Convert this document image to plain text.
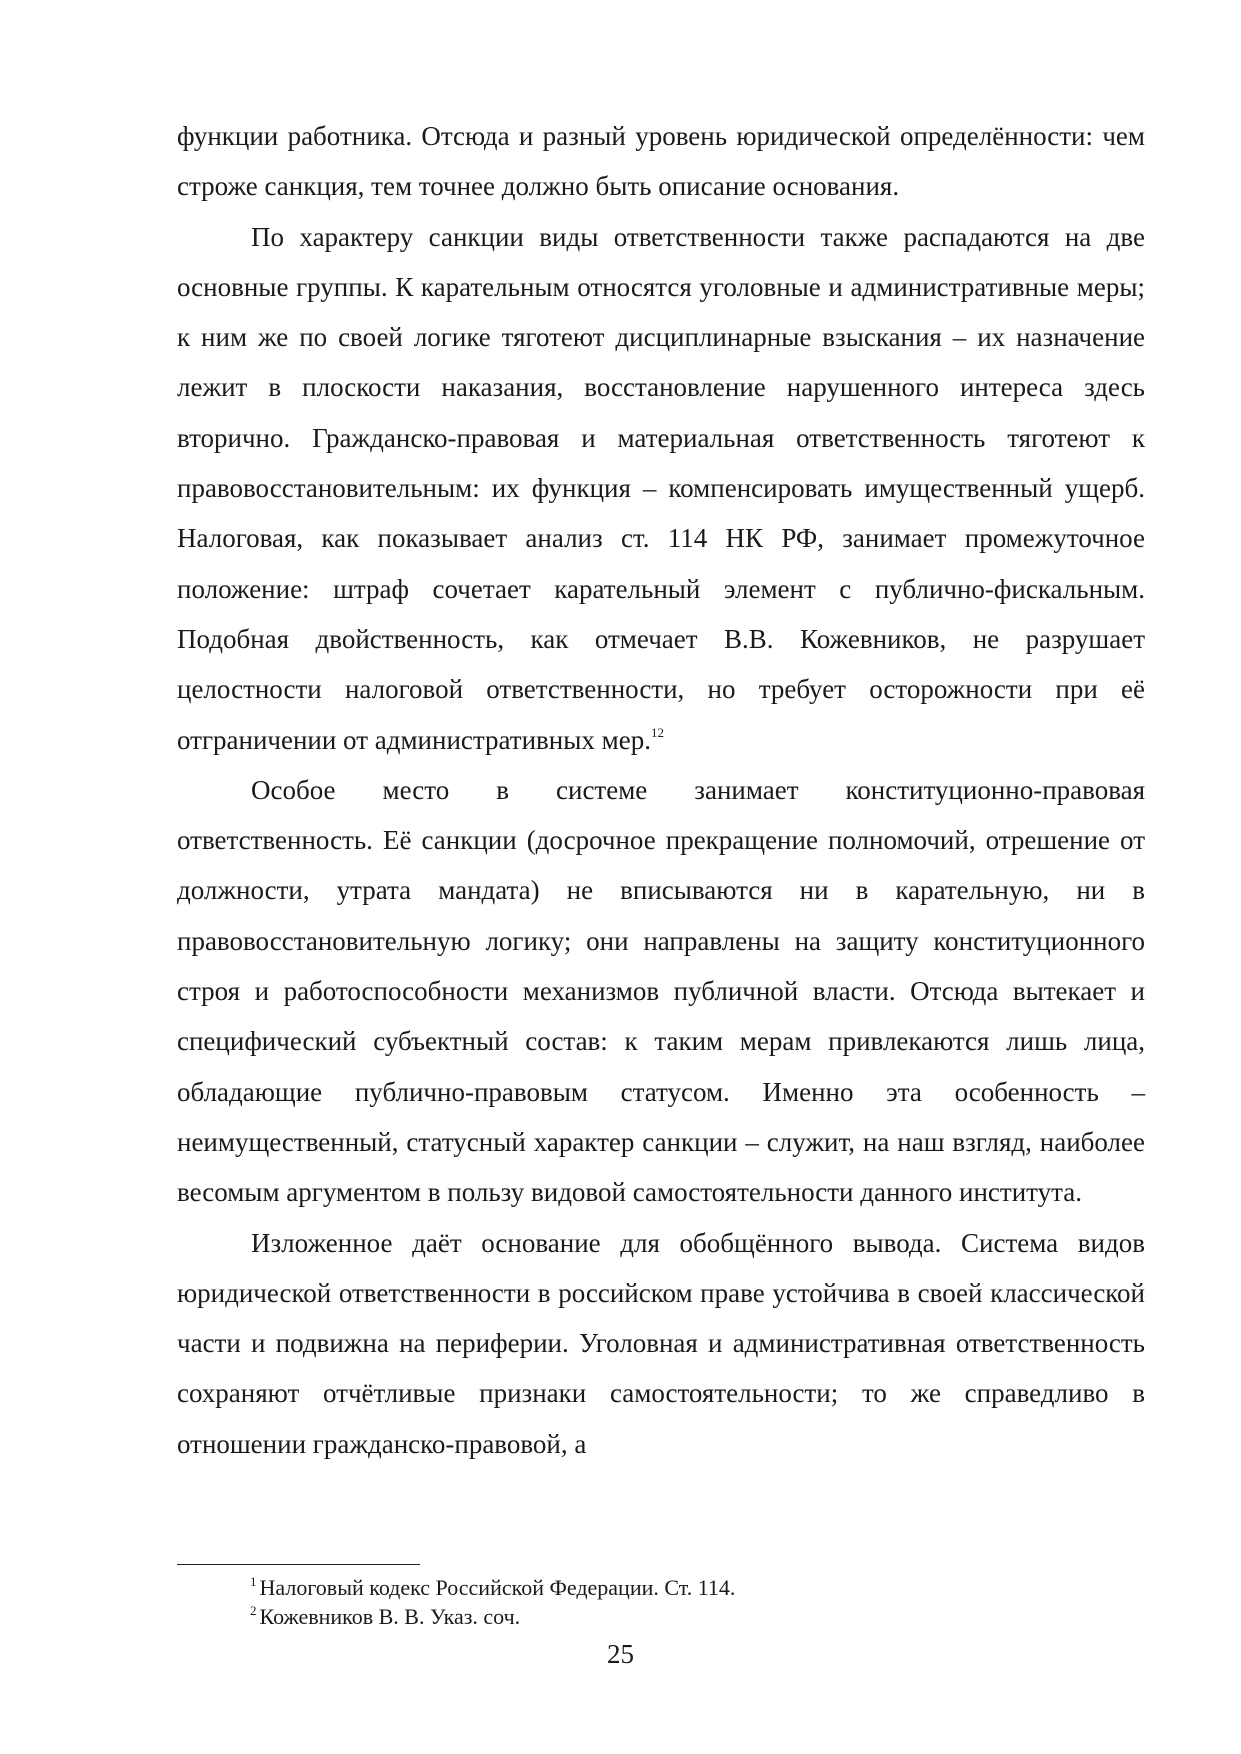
функции работника. Отсюда и разный уровень юридической определённости: чем строже санкция, тем точнее должно быть описание основания.

По характеру санкции виды ответственности также распадаются на две основные группы. К карательным относятся уголовные и административные меры; к ним же по своей логике тяготеют дисциплинарные взыскания – их назначение лежит в плоскости наказания, восстановление нарушенного интереса здесь вторично. Гражданско-правовая и материальная ответственность тяготеют к правовосстановительным: их функция – компенсировать имущественный ущерб. Налоговая, как показывает анализ ст. 114 НК РФ, занимает промежуточное положение: штраф сочетает карательный элемент с публично-фискальным. Подобная двойственность, как отмечает В.В. Кожевников, не разрушает целостности налоговой ответственности, но требует осторожности при её отграничении от административных мер.$^{12}$

Особое место в системе занимает конституционно-правовая ответственность. Её санкции (досрочное прекращение полномочий, отрешение от должности, утрата мандата) не вписываются ни в карательную, ни в правовосстановительную логику; они направлены на защиту конституционного строя и работоспособности механизмов публичной власти. Отсюда вытекает и специфический субъектный состав: к таким мерам привлекаются лишь лица, обладающие публично-правовым статусом. Именно эта особенность – неимущественный, статусный характер санкции – служит, на наш взгляд, наиболее весомым аргументом в пользу видовой самостоятельности данного института.

Изложенное даёт основание для обобщённого вывода. Система видов юридической ответственности в российском праве устойчива в своей классической части и подвижна на периферии. Уголовная и административная ответственность сохраняют отчётливые признаки самостоятельности; то же справедливо в отношении гражданско-правовой, а

$^1$ Налоговый кодекс Российской Федерации. Ст. 114.

$^2$ Кожевников В. В. Указ. соч.

25
